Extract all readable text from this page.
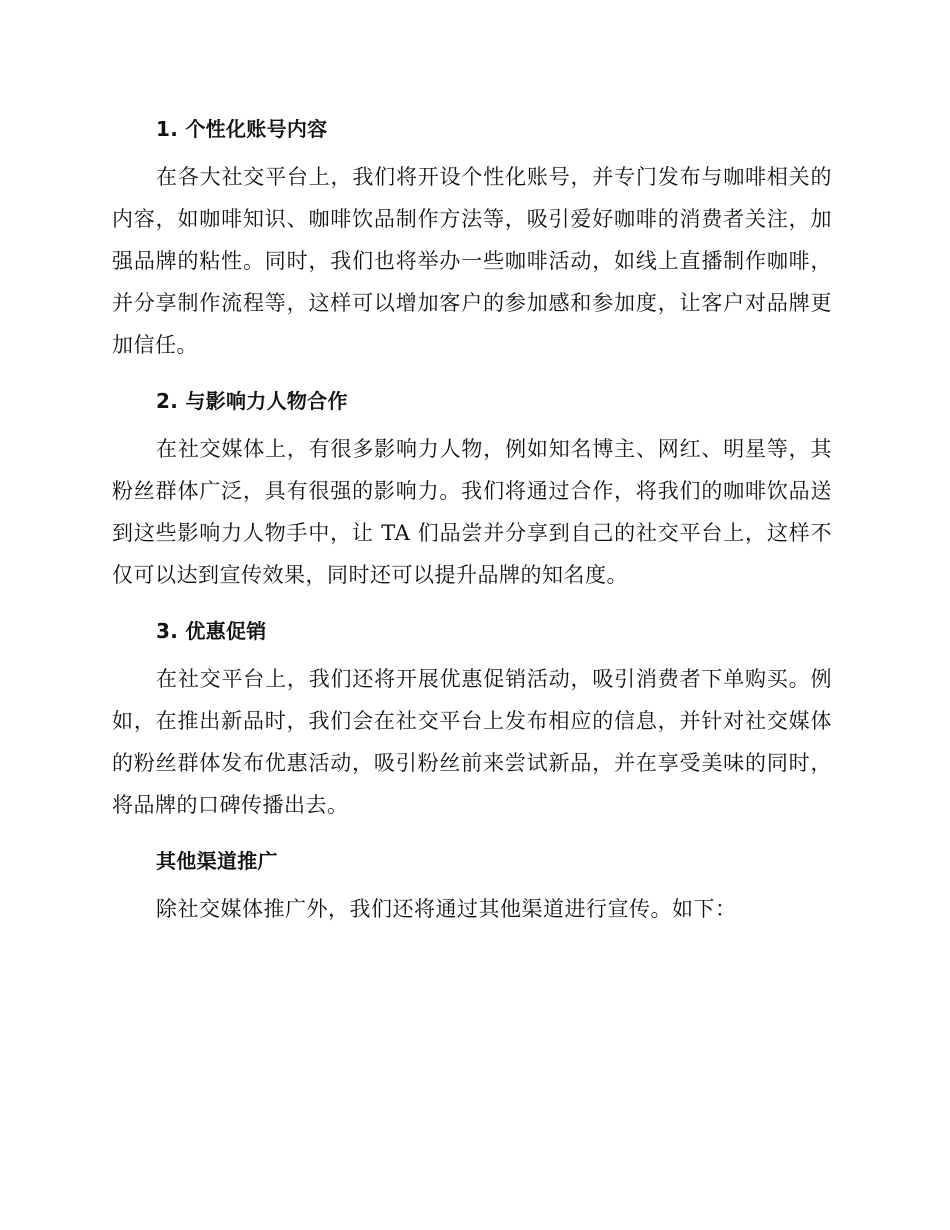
1. 个性化账号内容

在各大社交平台上，我们将开设个性化账号，并专门发布与咖啡相关的内容，如咖啡知识、咖啡饮品制作方法等，吸引爱好咖啡的消费者关注，加强品牌的粘性。同时，我们也将举办一些咖啡活动，如线上直播制作咖啡，并分享制作流程等，这样可以增加客户的参加感和参加度，让客户对品牌更加信任。

2. 与影响力人物合作

在社交媒体上，有很多影响力人物，例如知名博主、网红、明星等，其粉丝群体广泛，具有很强的影响力。我们将通过合作，将我们的咖啡饮品送到这些影响力人物手中，让 TA 们品尝并分享到自己的社交平台上，这样不仅可以达到宣传效果，同时还可以提升品牌的知名度。

3. 优惠促销

在社交平台上，我们还将开展优惠促销活动，吸引消费者下单购买。例如，在推出新品时，我们会在社交平台上发布相应的信息，并针对社交媒体的粉丝群体发布优惠活动，吸引粉丝前来尝试新品，并在享受美味的同时，将品牌的口碑传播出去。

其他渠道推广

除社交媒体推广外，我们还将通过其他渠道进行宣传。如下：
